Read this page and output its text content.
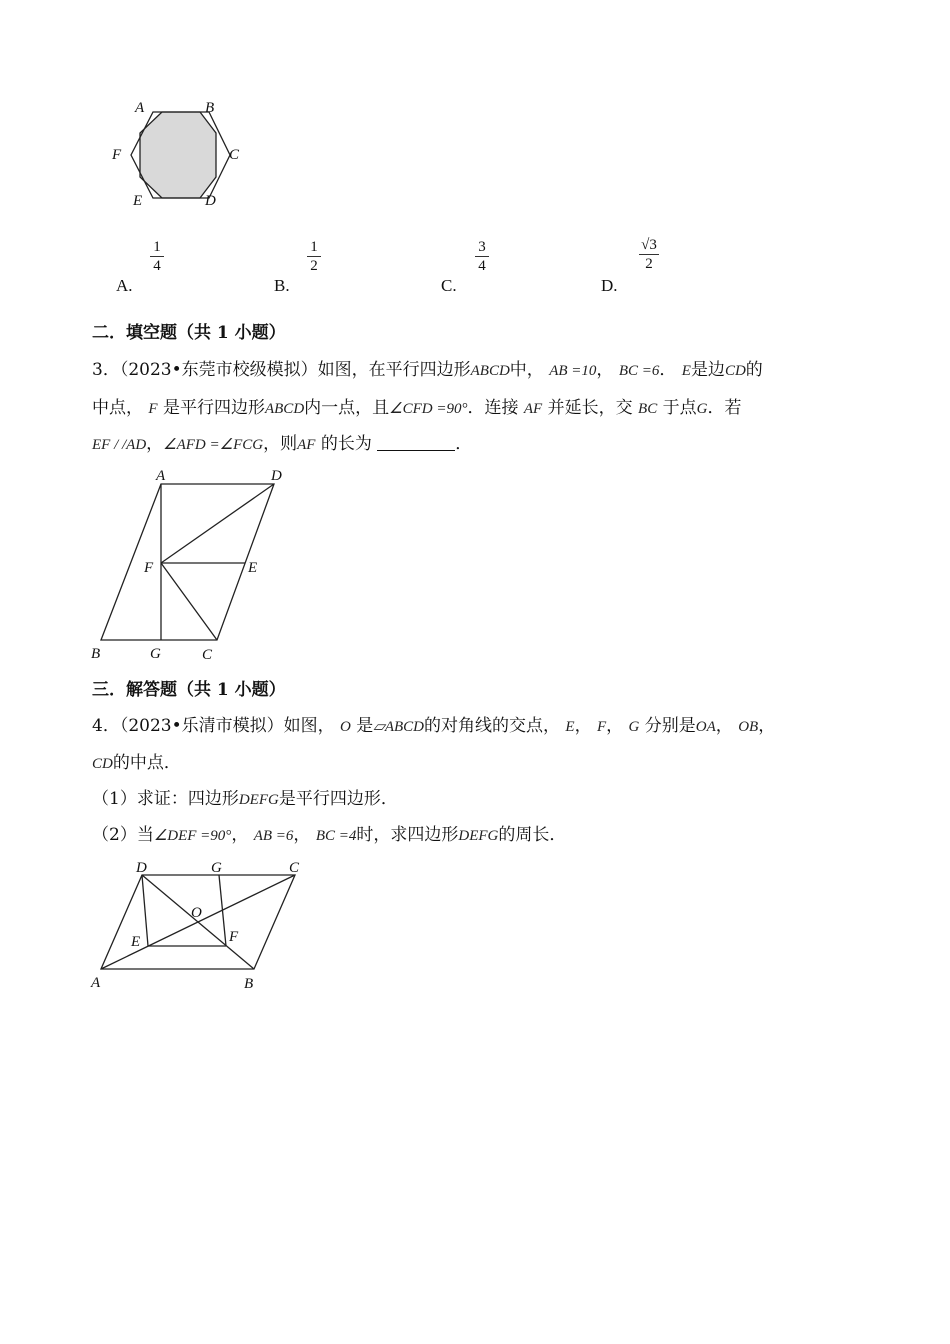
A	B
F	C
E	D
A.
1
4
B.
1
2
C.
3
4
D.
√3
2
二．填空题（共 1 小题）
3．（2023•东莞市校级模拟）如图，在平行四边形ABCD中， AB =10， BC =6． E是边CD的
中点， F 是平行四边形ABCD内一点，且∠CFD =90°．连接 AF 并延长，交 BC 于点G．若
EF / /AD，∠AFD =∠FCG，则AF 的长为	．
A	D
F	E
B	G	C
三．解答题（共 1 小题）
4．（2023•乐清市模拟）如图， O 是▱ABCD的对角线的交点， E， F， G 分别是OA， OB，
CD的中点．
（1）求证：四边形DEFG是平行四边形．
（2）当∠DEF =90°， AB =6， BC =4时，求四边形DEFG的周长．
D	G	C
O
E	F
A	B
